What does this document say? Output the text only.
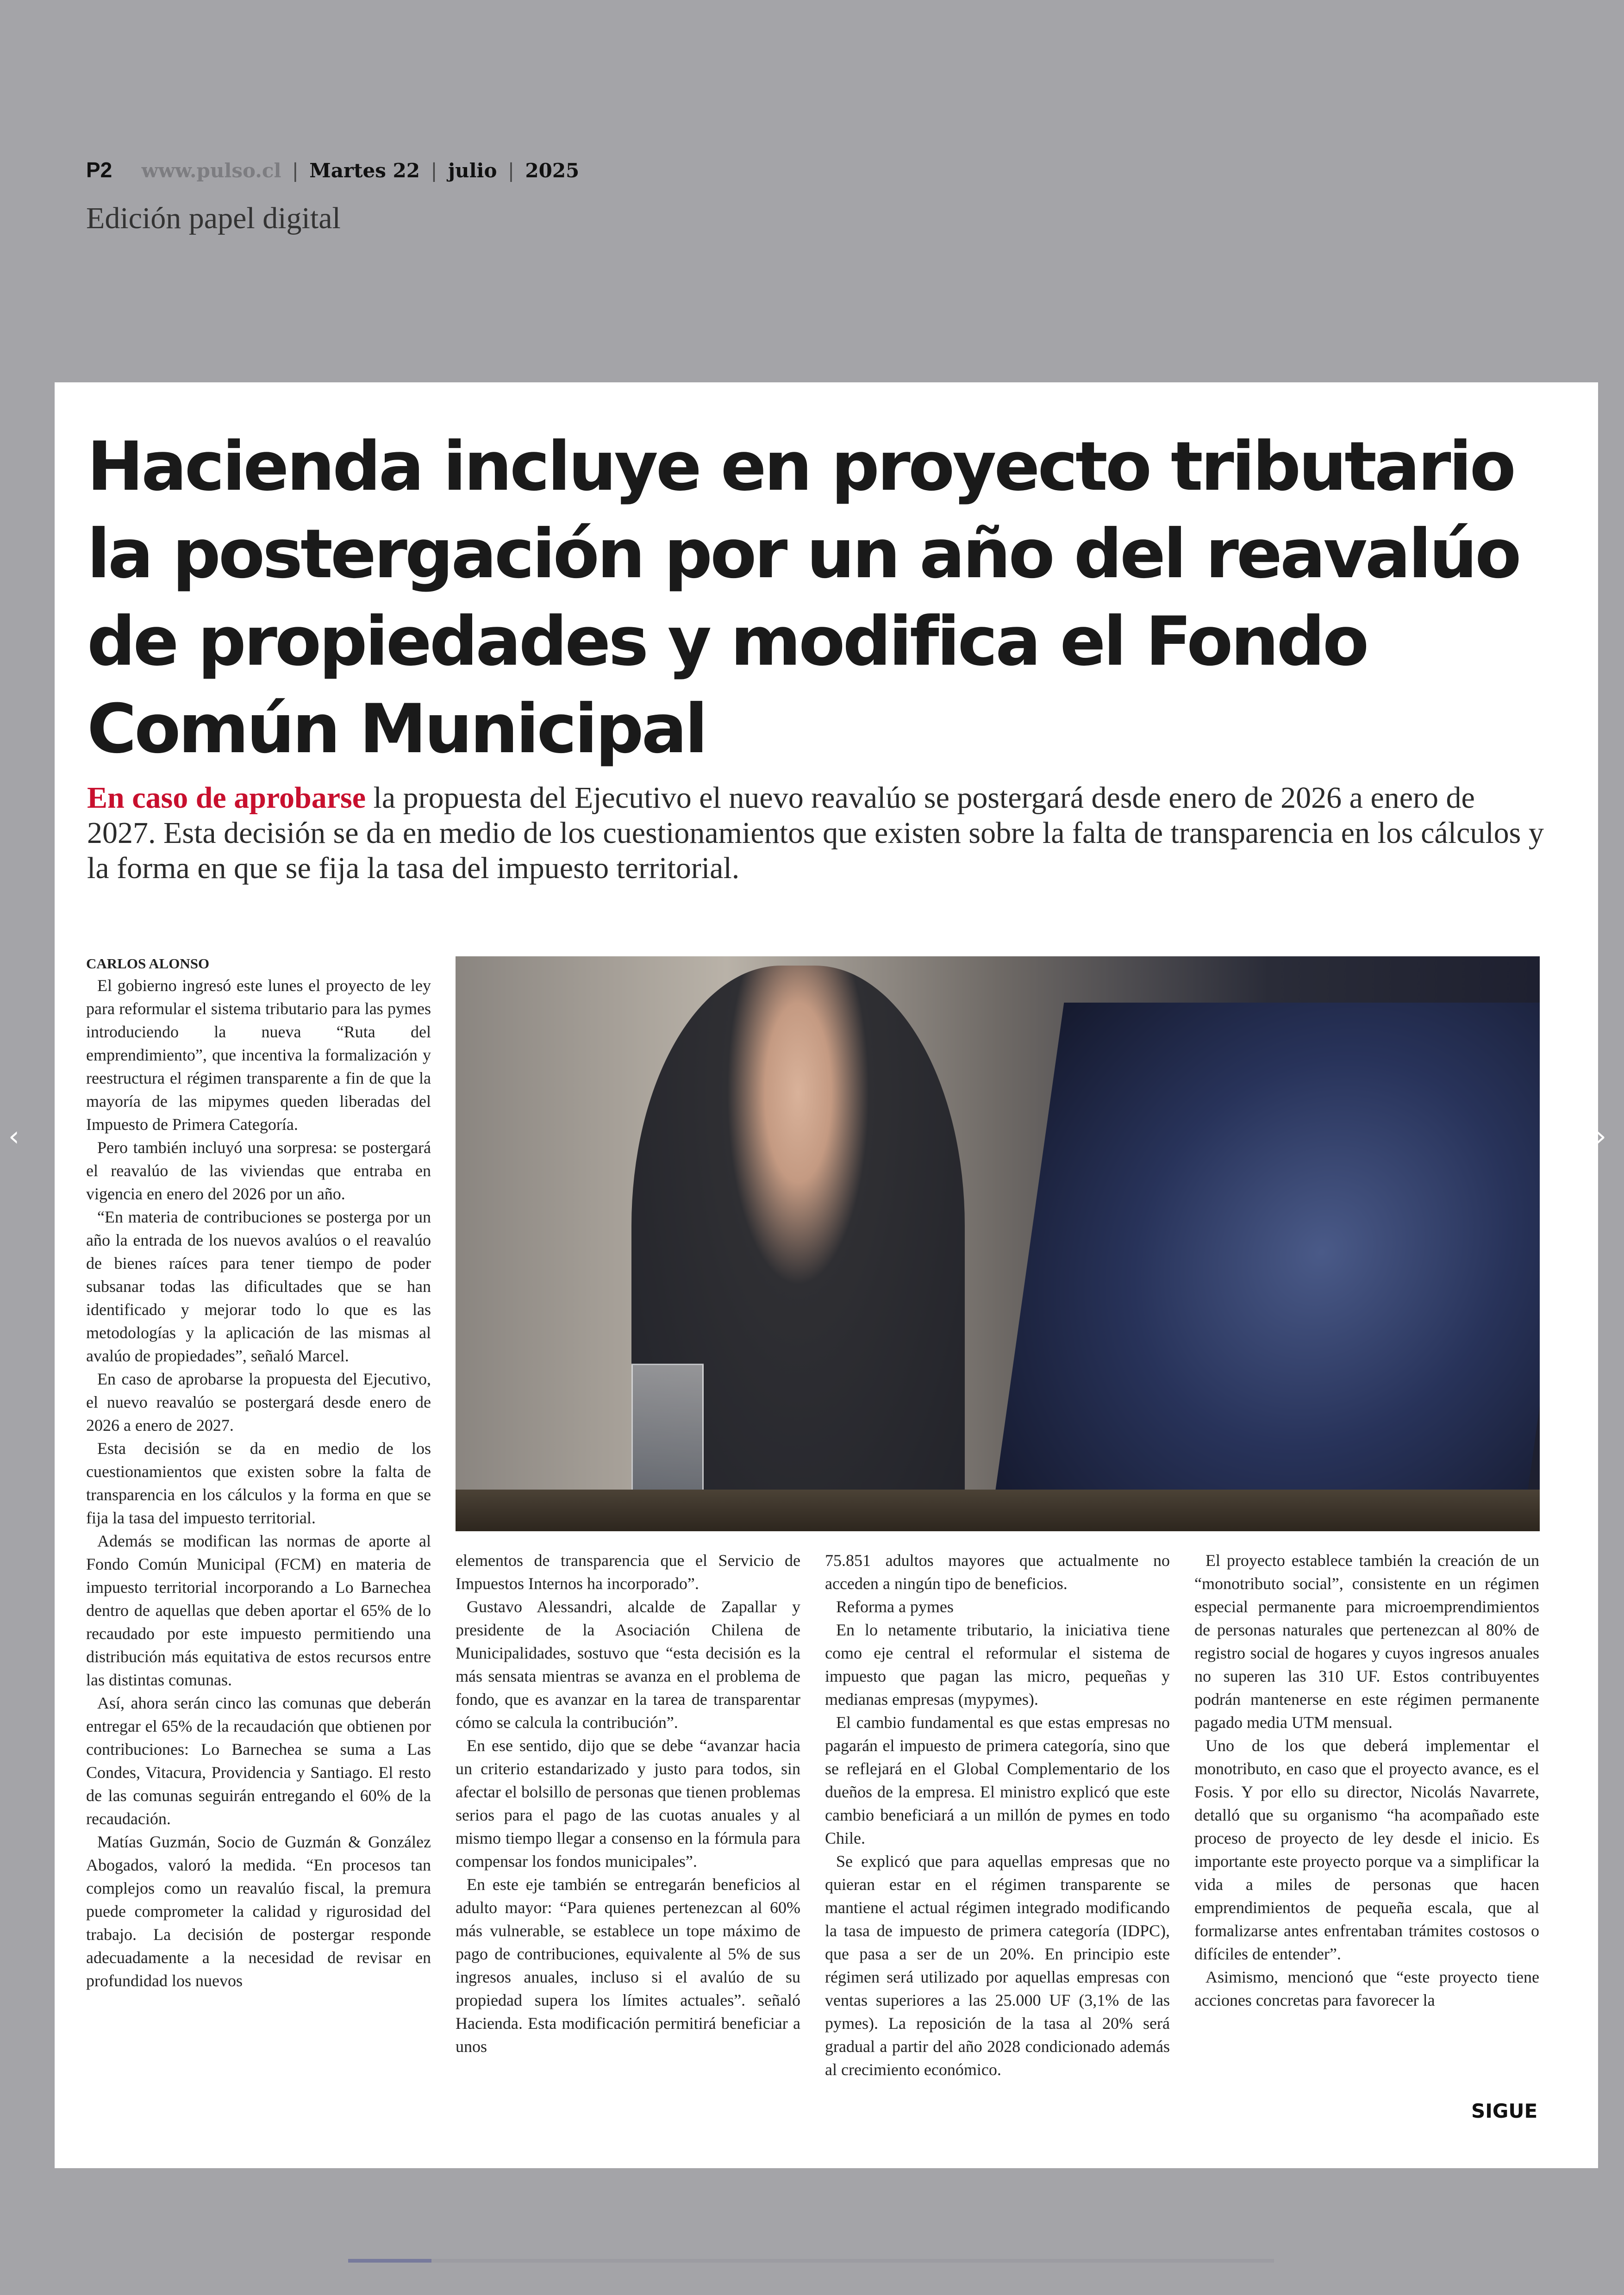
P2 www.pulso.cl | Martes 22 | julio | 2025
Edición papel digital
Hacienda incluye en proyecto tributario la postergación por un año del reavalúo de propiedades y modifica el Fondo Común Municipal

En caso de aprobarse la propuesta del Ejecutivo el nuevo reavalúo se postergará desde enero de 2026 a enero de 2027. Esta decisión se da en medio de los cuestionamientos que existen sobre la falta de transparencia en los cálculos y la forma en que se fija la tasa del impuesto territorial.

CARLOS ALONSO

El gobierno ingresó este lunes el proyecto de ley para reformular el sistema tributario para las pymes introduciendo la nueva “Ruta del emprendimiento”, que incentiva la formalización y reestructura el régimen transparente a fin de que la mayoría de las mipymes queden liberadas del Impuesto de Primera Categoría.

Pero también incluyó una sorpresa: se postergará el reavalúo de las viviendas que entraba en vigencia en enero del 2026 por un año.

“En materia de contribuciones se posterga por un año la entrada de los nuevos avalúos o el reavalúo de bienes raíces para tener tiempo de poder subsanar todas las dificultades que se han identificado y mejorar todo lo que es las metodologías y la aplicación de las mismas al avalúo de propiedades”, señaló Marcel.

En caso de aprobarse la propuesta del Ejecutivo, el nuevo reavalúo se postergará desde enero de 2026 a enero de 2027.

Esta decisión se da en medio de los cuestionamientos que existen sobre la falta de transparencia en los cálculos y la forma en que se fija la tasa del impuesto territorial.

Además se modifican las normas de aporte al Fondo Común Municipal (FCM) en materia de impuesto territorial incorporando a Lo Barnechea dentro de aquellas que deben aportar el 65% de lo recaudado por este impuesto permitiendo una distribución más equitativa de estos recursos entre las distintas comunas.

Así, ahora serán cinco las comunas que deberán entregar el 65% de la recaudación que obtienen por contribuciones: Lo Barnechea se suma a Las Condes, Vitacura, Providencia y Santiago. El resto de las comunas seguirán entregando el 60% de la recaudación.

Matías Guzmán, Socio de Guzmán & González Abogados, valoró la medida. “En procesos tan complejos como un reavalúo fiscal, la premura puede comprometer la calidad y rigurosidad del trabajo. La decisión de postergar responde adecuadamente a la necesidad de revisar en profundidad los nuevos

elementos de transparencia que el Servicio de Impuestos Internos ha incorporado”.

Gustavo Alessandri, alcalde de Zapallar y presidente de la Asociación Chilena de Municipalidades, sostuvo que “esta decisión es la más sensata mientras se avanza en el problema de fondo, que es avanzar en la tarea de transparentar cómo se calcula la contribución”.

En ese sentido, dijo que se debe “avanzar hacia un criterio estandarizado y justo para todos, sin afectar el bolsillo de personas que tienen problemas serios para el pago de las cuotas anuales y al mismo tiempo llegar a consenso en la fórmula para compensar los fondos municipales”.

En este eje también se entregarán beneficios al adulto mayor: “Para quienes pertenezcan al 60% más vulnerable, se establece un tope máximo de pago de contribuciones, equivalente al 5% de sus ingresos anuales, incluso si el avalúo de su propiedad supera los límites actuales”. señaló Hacienda. Esta modificación permitirá beneficiar a unos

75.851 adultos mayores que actualmente no acceden a ningún tipo de beneficios.

Reforma a pymes

En lo netamente tributario, la iniciativa tiene como eje central el reformular el sistema de impuesto que pagan las micro, pequeñas y medianas empresas (mypymes).

El cambio fundamental es que estas empresas no pagarán el impuesto de primera categoría, sino que se reflejará en el Global Complementario de los dueños de la empresa. El ministro explicó que este cambio beneficiará a un millón de pymes en todo Chile.

Se explicó que para aquellas empresas que no quieran estar en el régimen transparente se mantiene el actual régimen integrado modificando la tasa de impuesto de primera categoría (IDPC), que pasa a ser de un 20%. En principio este régimen será utilizado por aquellas empresas con ventas superiores a las 25.000 UF (3,1% de las pymes). La reposición de la tasa al 20% será gradual a partir del año 2028 condicionado además al crecimiento económico.

El proyecto establece también la creación de un “monotributo social”, consistente en un régimen especial permanente para microemprendimientos de personas naturales que pertenezcan al 80% de registro social de hogares y cuyos ingresos anuales no superen las 310 UF. Estos contribuyentes podrán mantenerse en este régimen permanente pagado media UTM mensual.

Uno de los que deberá implementar el monotributo, en caso que el proyecto avance, es el Fosis. Y por ello su director, Nicolás Navarrete, detalló que su organismo “ha acompañado este proceso de proyecto de ley desde el inicio. Es importante este proyecto porque va a simplificar la vida a miles de personas que hacen emprendimientos de pequeña escala, que al formalizarse antes enfrentaban trámites costosos o difíciles de entender”.

Asimismo, mencionó que “este proyecto tiene acciones concretas para favorecer la

SIGUE
‹	›
